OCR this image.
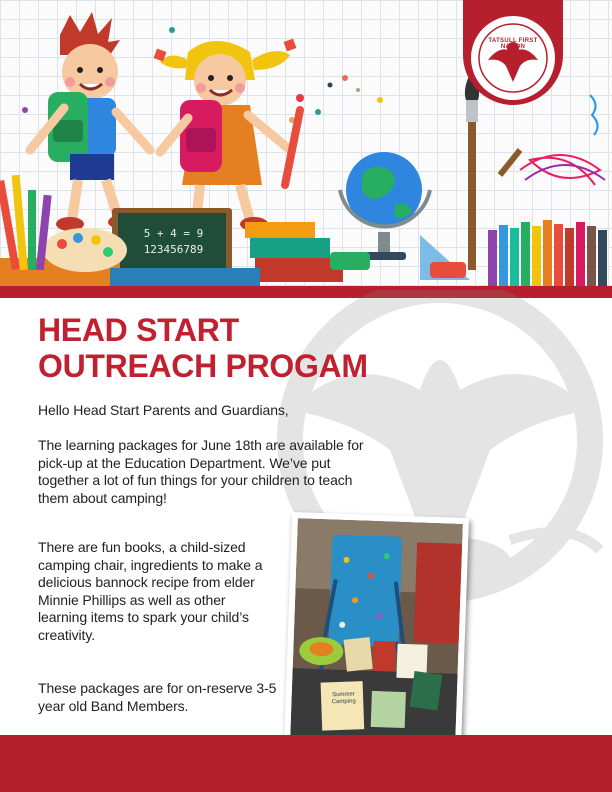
5 + 4 = 9
123456789
TATSULL FIRST NATION
HEAD START
OUTREACH PROGAM
Hello Head Start Parents and Guardians,
The learning packages for June 18th are available for pick-up at the Education Department. We’ve put together a lot of fun things for your children to teach them about camping!
There are fun books, a child-sized camping chair, ingredients to make a delicious bannock recipe from elder Minnie Phillips as well as other learning items to spark your child’s creativity.
These packages are for on-reserve 3-5 year old Band Members.
Summer Camping
